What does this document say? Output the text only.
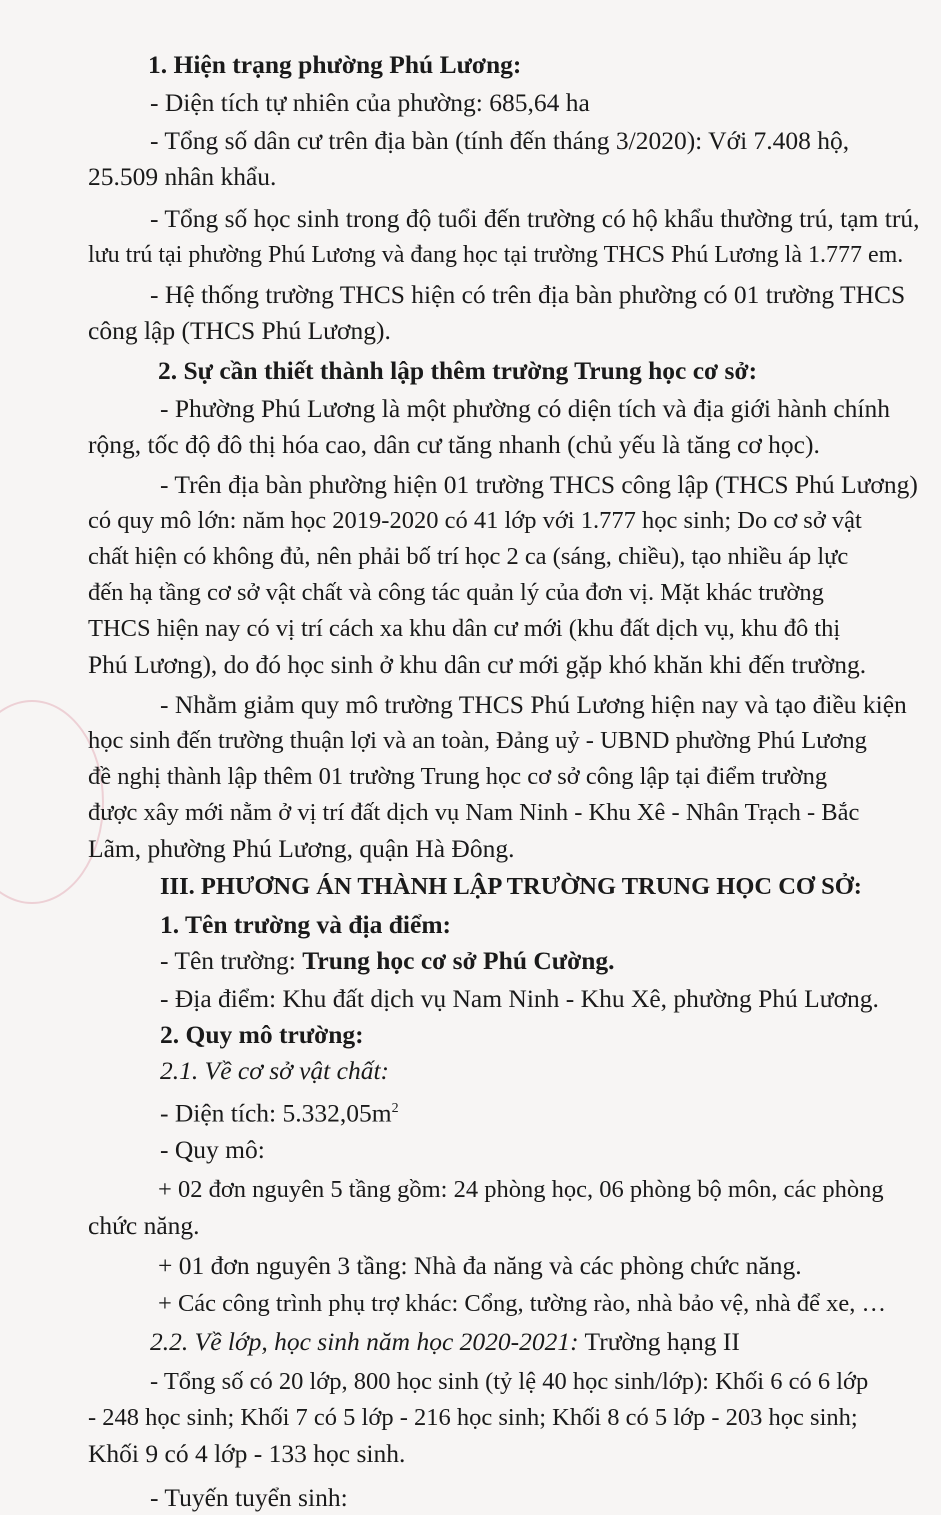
1. Hiện trạng phường Phú Lương:

- Diện tích tự nhiên của phường: 685,64 ha

- Tổng số dân cư trên địa bàn (tính đến tháng 3/2020): Với 7.408 hộ,

25.509 nhân khẩu.

- Tổng số học sinh trong độ tuổi đến trường có hộ khẩu thường trú, tạm trú,

lưu trú tại phường Phú Lương và đang học tại trường THCS Phú Lương là 1.777 em.

- Hệ thống trường THCS hiện có trên địa bàn phường có 01 trường THCS

công lập (THCS Phú Lương).

2. Sự cần thiết thành lập thêm trường Trung học cơ sở:

- Phường Phú Lương là một phường có diện tích và địa giới hành chính

rộng, tốc độ đô thị hóa cao, dân cư tăng nhanh (chủ yếu là tăng cơ học).

- Trên địa bàn phường hiện 01 trường THCS công lập (THCS Phú Lương)

có quy mô lớn: năm học 2019-2020 có 41 lớp với 1.777 học sinh; Do cơ sở vật

chất hiện có không đủ, nên phải bố trí học 2 ca (sáng, chiều), tạo nhiều áp lực

đến hạ tầng cơ sở vật chất và công tác quản lý của đơn vị. Mặt khác trường

THCS hiện nay có vị trí cách xa khu dân cư mới (khu đất dịch vụ, khu đô thị

Phú Lương), do đó học sinh ở khu dân cư mới gặp khó khăn khi đến trường.

- Nhằm giảm quy mô trường THCS Phú Lương hiện nay và tạo điều kiện

học sinh đến trường thuận lợi và an toàn, Đảng uỷ - UBND phường Phú Lương

đề nghị thành lập thêm 01 trường Trung học cơ sở công lập tại điểm trường

được xây mới nằm ở vị trí đất dịch vụ Nam Ninh - Khu Xê - Nhân Trạch - Bắc

Lãm, phường Phú Lương, quận Hà Đông.

III. PHƯƠNG ÁN THÀNH LẬP TRƯỜNG TRUNG HỌC CƠ SỞ:

1. Tên trường và địa điểm:

- Tên trường: Trung học cơ sở Phú Cường.

- Địa điểm: Khu đất dịch vụ Nam Ninh - Khu Xê, phường Phú Lương.

2. Quy mô trường:

2.1. Về cơ sở vật chất:

- Diện tích: $5.332,05m^2$

- Quy mô:

+ 02 đơn nguyên 5 tầng gồm: 24 phòng học, 06 phòng bộ môn, các phòng

chức năng.

+ 01 đơn nguyên 3 tầng: Nhà đa năng và các phòng chức năng.

+ Các công trình phụ trợ khác: Cổng, tường rào, nhà bảo vệ, nhà để xe, …

2.2. Về lớp, học sinh năm học 2020-2021: Trường hạng II

- Tổng số có 20 lớp, 800 học sinh (tỷ lệ 40 học sinh/lớp): Khối 6 có 6 lớp

- 248 học sinh; Khối 7 có 5 lớp - 216 học sinh; Khối 8 có 5 lớp - 203 học sinh;

Khối 9 có 4 lớp - 133 học sinh.

- Tuyến tuyển sinh:
